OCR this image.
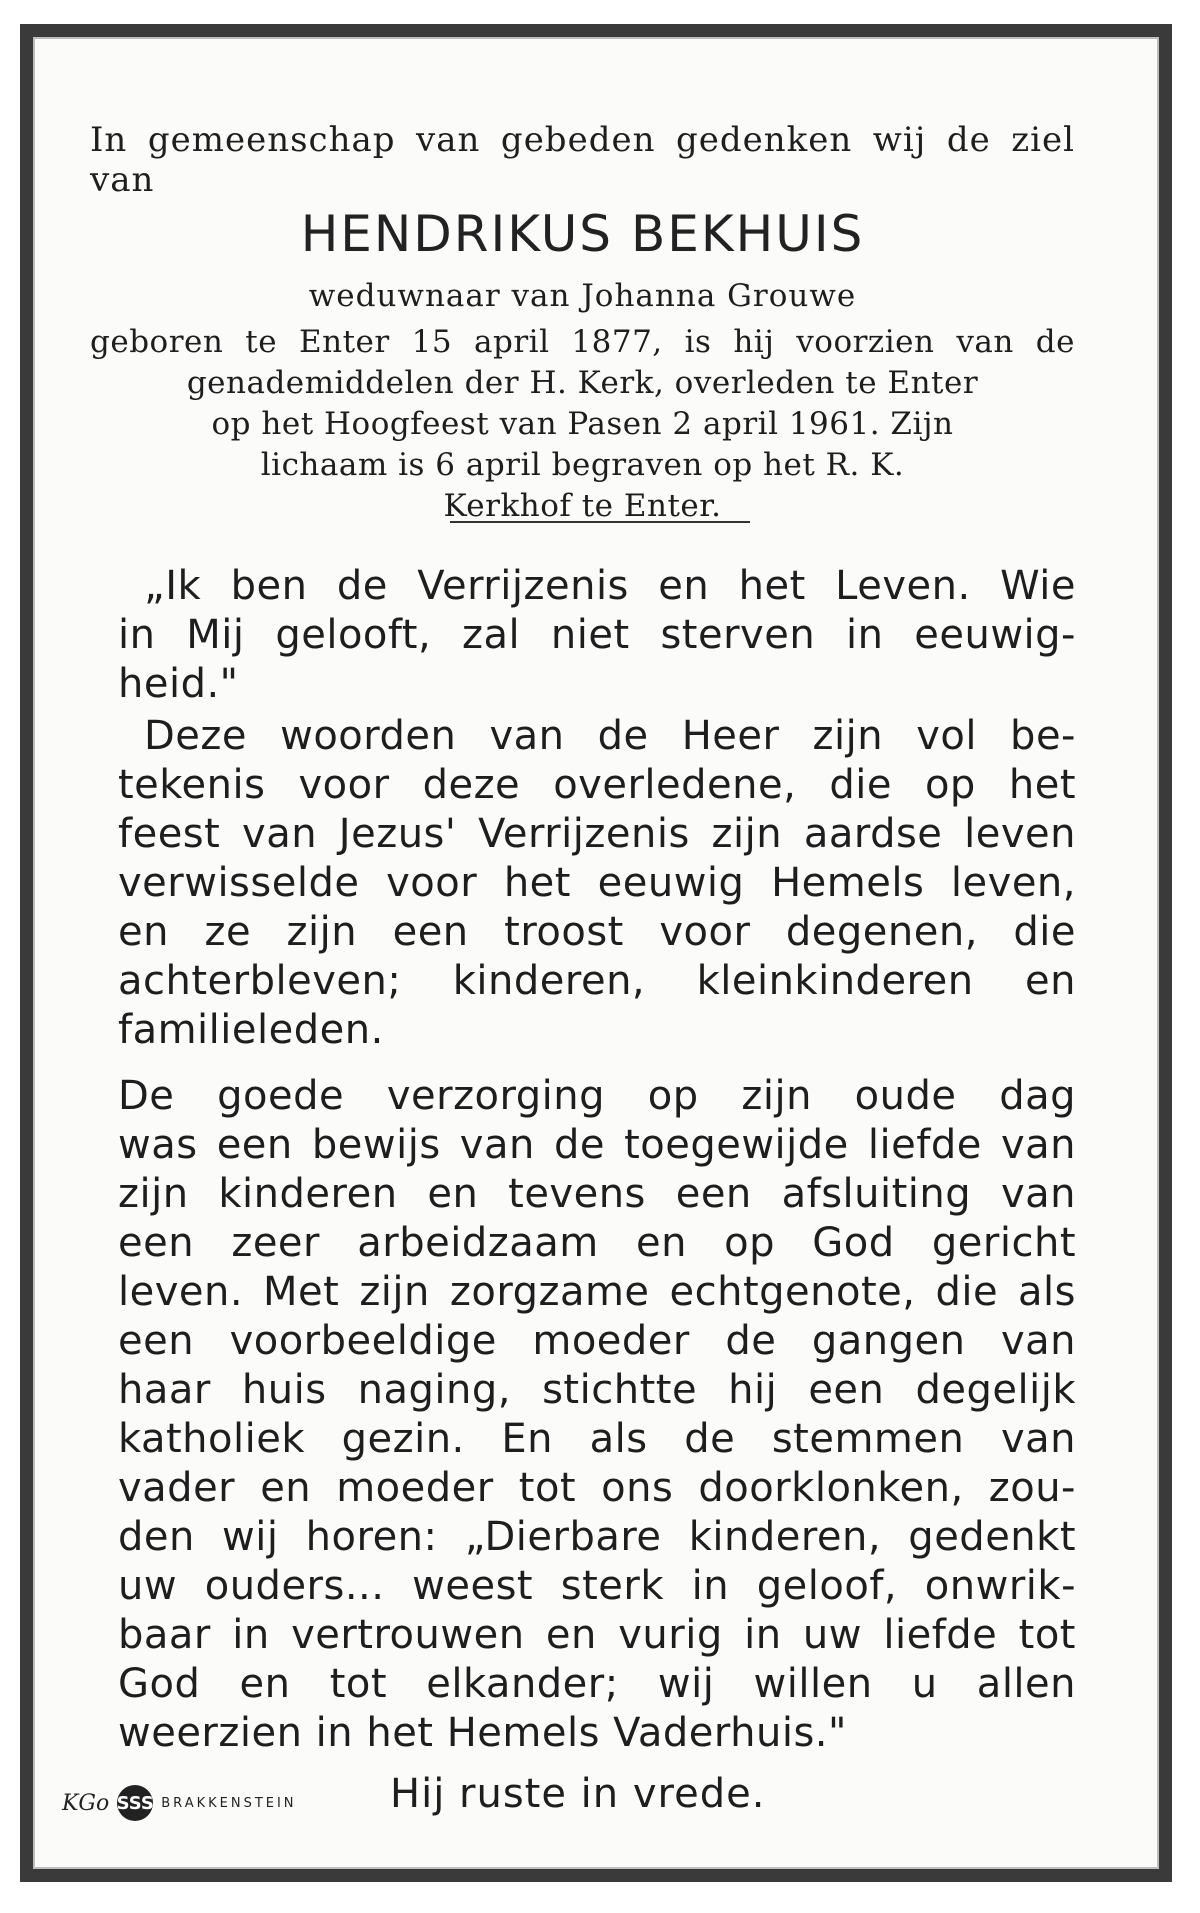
In gemeenschap van gebeden gedenken wij de ziel van
HENDRIKUS BEKHUIS
weduwnaar van Johanna Grouwe
geboren te Enter 15 april 1877, is hij voorzien van de
genademiddelen der H. Kerk, overleden te Enter
op het Hoogfeest van Pasen 2 april 1961. Zijn
lichaam is 6 april begraven op het R. K.
Kerkhof te Enter.
„Ik ben de Verrijzenis en het Leven. Wie
in Mij gelooft, zal niet sterven in eeuwig-
heid."
Deze woorden van de Heer zijn vol be-
tekenis voor deze overledene, die op het
feest van Jezus' Verrijzenis zijn aardse leven
verwisselde voor het eeuwig Hemels leven,
en ze zijn een troost voor degenen, die
achterbleven; kinderen, kleinkinderen en
familieleden.
De goede verzorging op zijn oude dag
was een bewijs van de toegewijde liefde van
zijn kinderen en tevens een afsluiting van
een zeer arbeidzaam en op God gericht
leven. Met zijn zorgzame echtgenote, die als
een voorbeeldige moeder de gangen van
haar huis naging, stichtte hij een degelijk
katholiek gezin. En als de stemmen van
vader en moeder tot ons doorklonken, zou-
den wij horen: „Dierbare kinderen, gedenkt
uw ouders... weest sterk in geloof, onwrik-
baar in vertrouwen en vurig in uw liefde tot
God en tot elkander; wij willen u allen
weerzien in het Hemels Vaderhuis."
Hij ruste in vrede.
KGo SSS BRAKKENSTEIN
